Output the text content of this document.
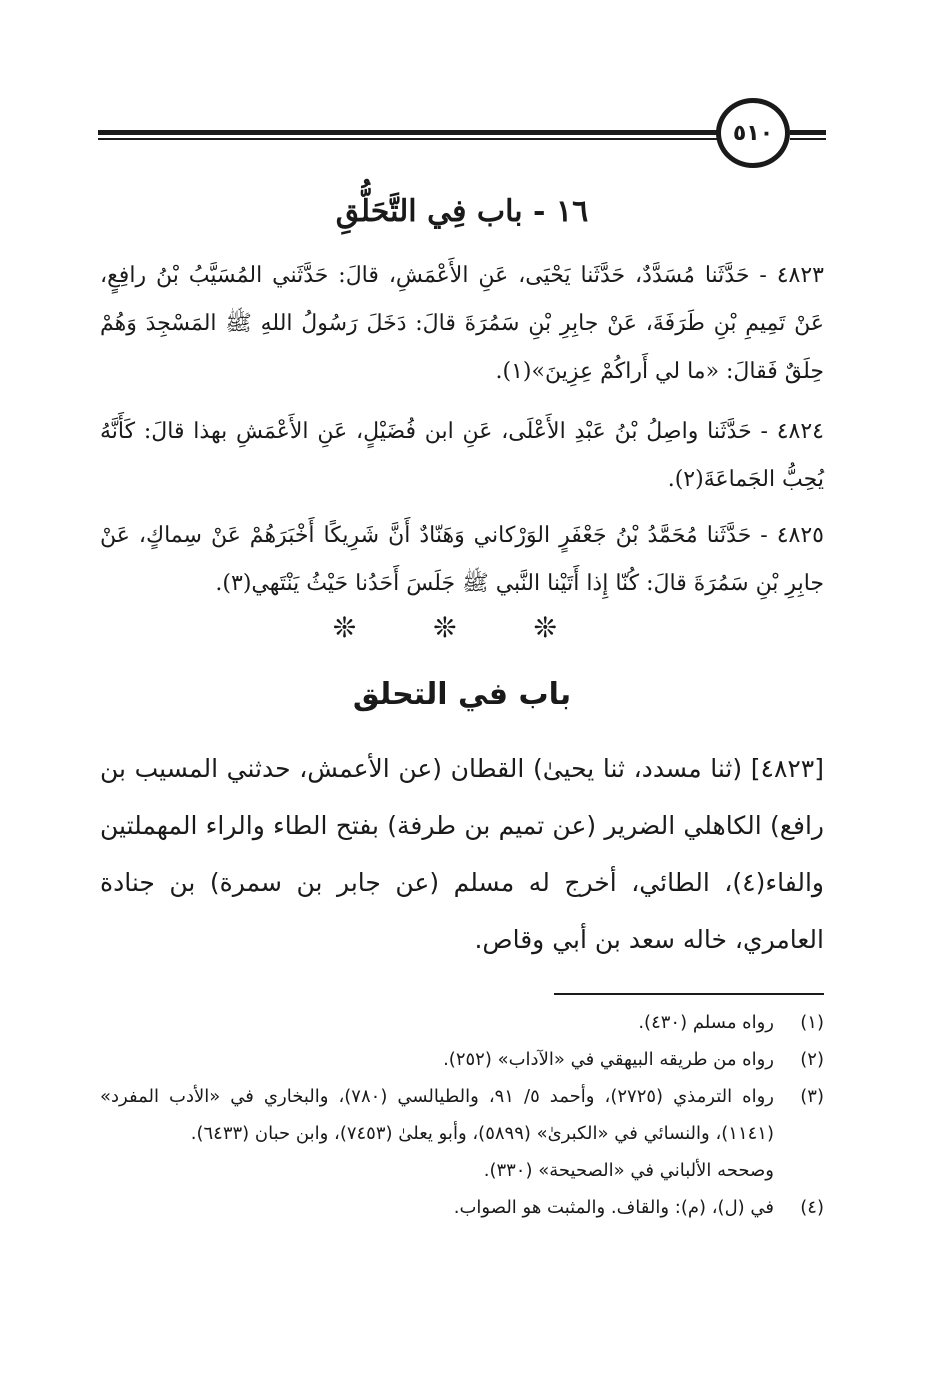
٥١٠
١٦ - باب فِي التَّحَلُّقِ

٤٨٢٣ - حَدَّثَنا مُسَدَّدٌ، حَدَّثَنا يَحْيَى، عَنِ الأَعْمَشِ، قالَ: حَدَّثَني المُسَيَّبُ بْنُ رافِعٍ، عَنْ تَمِيمِ بْنِ طَرَفَةَ، عَنْ جابِرِ بْنِ سَمُرَةَ قالَ: دَخَلَ رَسُولُ اللهِ ﷺ المَسْجِدَ وَهُمْ حِلَقٌ فَقالَ: «ما لي أَراكُمْ عِزِينَ»(١).

٤٨٢٤ - حَدَّثَنا واصِلُ بْنُ عَبْدِ الأَعْلَى، عَنِ ابن فُضَيْلٍ، عَنِ الأَعْمَشِ بهذا قالَ: كَأَنَّهُ يُحِبُّ الجَماعَةَ(٢).

٤٨٢٥ - حَدَّثَنا مُحَمَّدُ بْنُ جَعْفَرٍ الوَرْكاني وَهَنّادٌ أَنَّ شَرِيكًا أَخْبَرَهُمْ عَنْ سِماكٍ، عَنْ جابِرِ بْنِ سَمُرَةَ قالَ: كُنّا إِذا أَتَيْنا النَّبي ﷺ جَلَسَ أَحَدُنا حَيْثُ يَنْتَهي(٣).

❊ ❊ ❊
باب في التحلق

[٤٨٢٣] (ثنا مسدد، ثنا يحيىٰ) القطان (عن الأعمش، حدثني المسيب بن رافع) الكاهلي الضرير (عن تميم بن طرفة) بفتح الطاء والراء المهملتين والفاء(٤)، الطائي، أخرج له مسلم (عن جابر بن سمرة) بن جنادة العامري، خاله سعد بن أبي وقاص.

(١)
رواه مسلم (٤٣٠).
(٢)
رواه من طريقه البيهقي في «الآداب» (٢٥٢).
(٣)
رواه الترمذي (٢٧٢٥)، وأحمد ٥/ ٩١، والطيالسي (٧٨٠)، والبخاري في «الأدب المفرد» (١١٤١)، والنسائي في «الكبرىٰ» (٥٨٩٩)، وأبو يعلىٰ (٧٤٥٣)، وابن حبان (٦٤٣٣).
وصححه الألباني في «الصحيحة» (٣٣٠).
(٤)
في (ل)، (م): والقاف. والمثبت هو الصواب.
